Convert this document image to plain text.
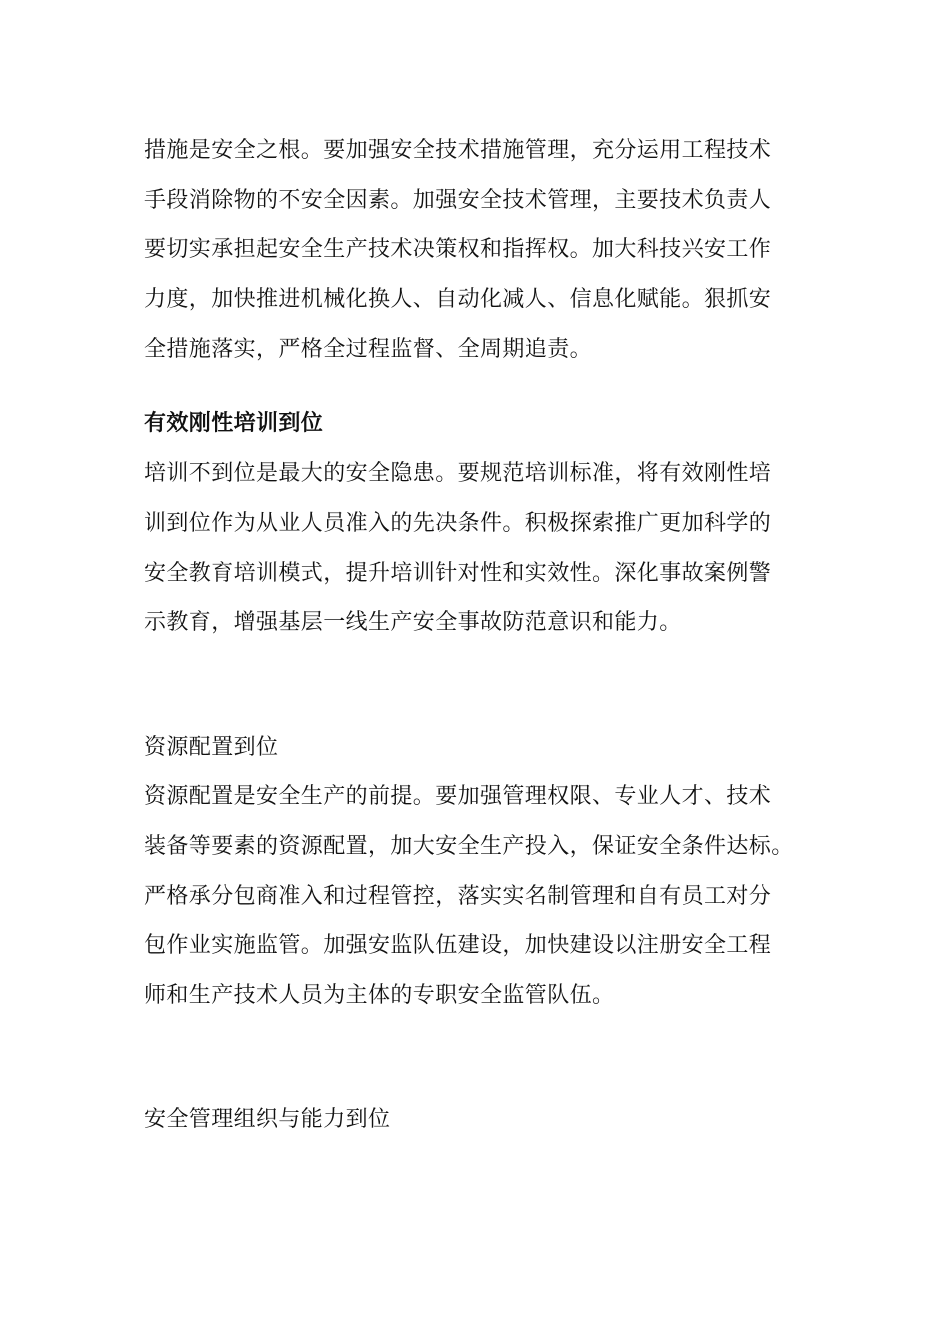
措施是安全之根。要加强安全技术措施管理，充分运用工程技术
手段消除物的不安全因素。加强安全技术管理，主要技术负责人
要切实承担起安全生产技术决策权和指挥权。加大科技兴安工作
力度，加快推进机械化换人、自动化减人、信息化赋能。狠抓安
全措施落实，严格全过程监督、全周期追责。
有效刚性培训到位
培训不到位是最大的安全隐患。要规范培训标准，将有效刚性培
训到位作为从业人员准入的先决条件。积极探索推广更加科学的
安全教育培训模式，提升培训针对性和实效性。深化事故案例警
示教育，增强基层一线生产安全事故防范意识和能力。
资源配置到位
资源配置是安全生产的前提。要加强管理权限、专业人才、技术
装备等要素的资源配置，加大安全生产投入，保证安全条件达标。
严格承分包商准入和过程管控，落实实名制管理和自有员工对分
包作业实施监管。加强安监队伍建设，加快建设以注册安全工程
师和生产技术人员为主体的专职安全监管队伍。
安全管理组织与能力到位
